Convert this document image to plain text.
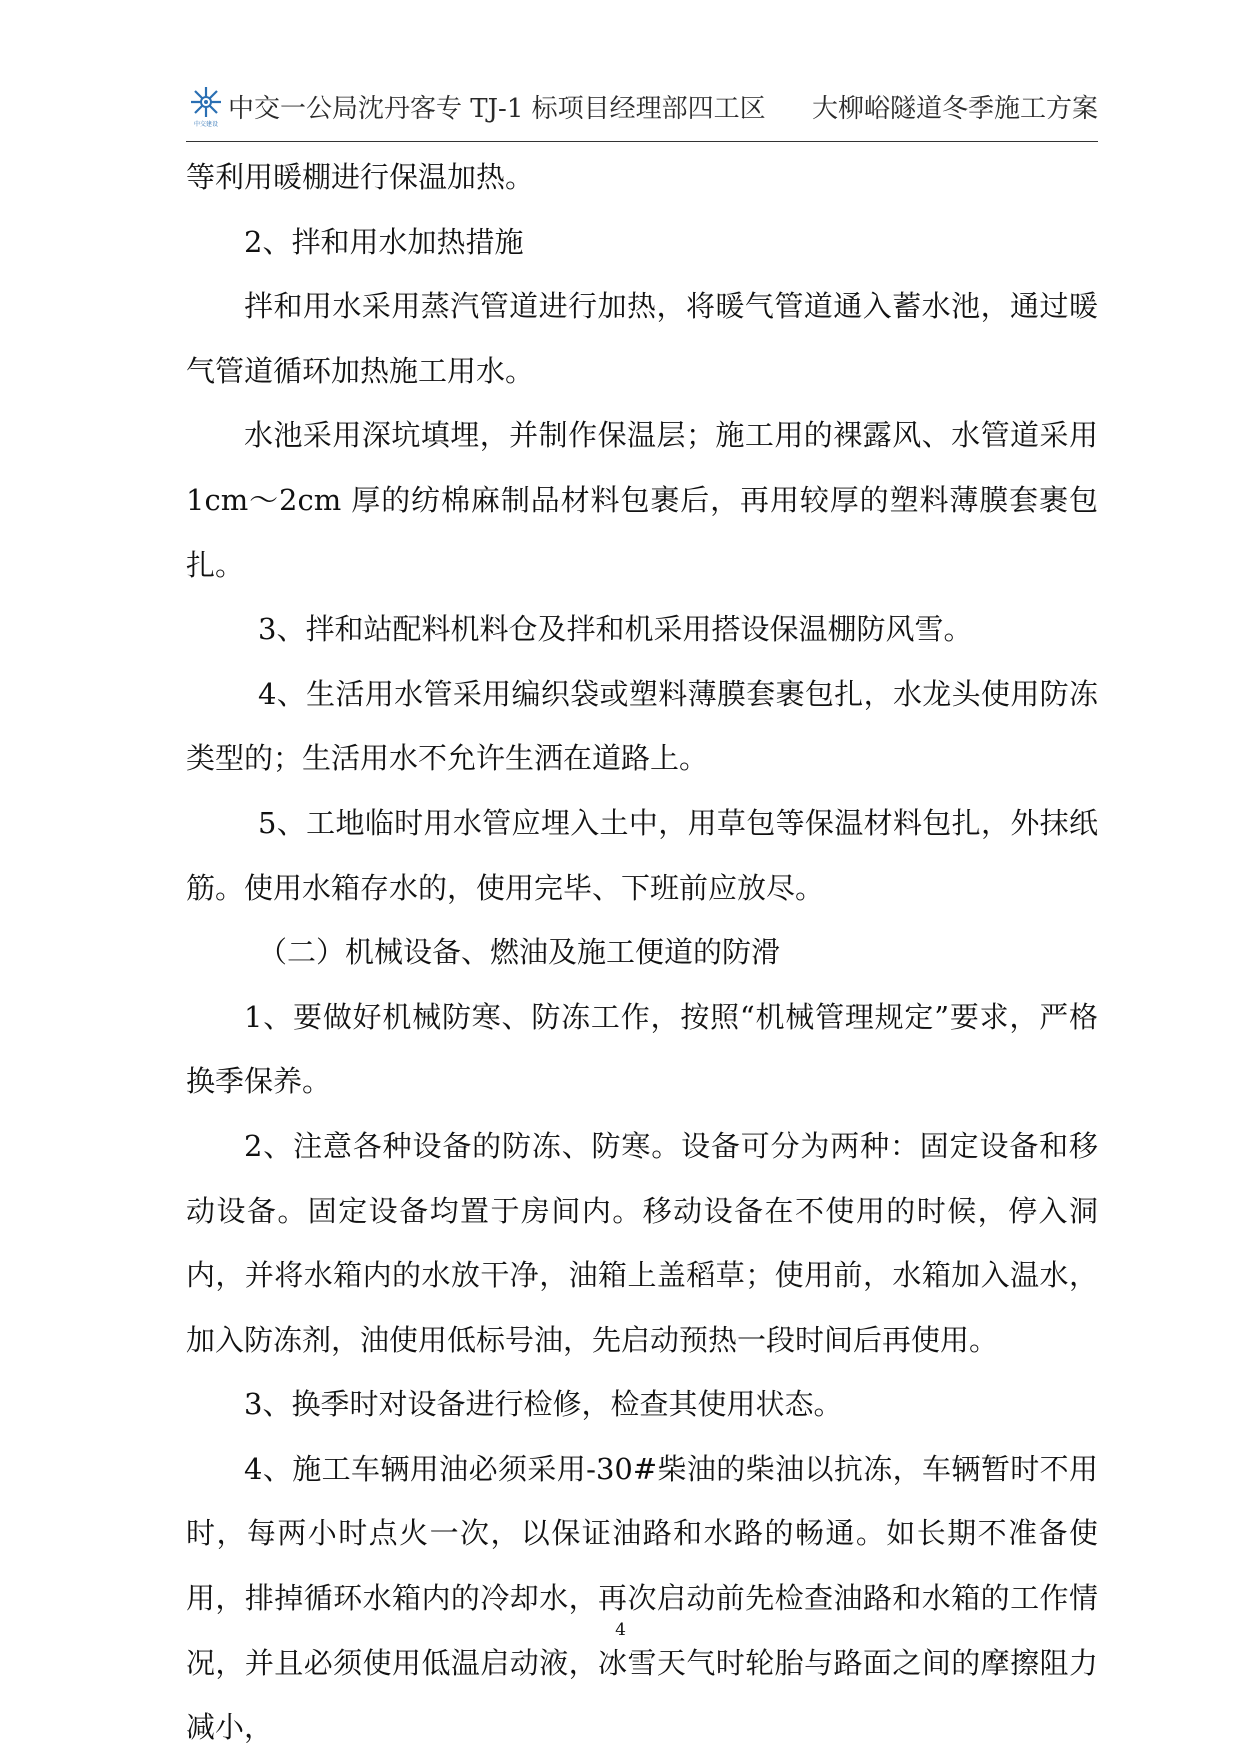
中交建设
中交一公局沈丹客专 TJ-1 标项目经理部四工区 大柳峪隧道冬季施工方案

等利用暖棚进行保温加热。

2、拌和用水加热措施

拌和用水采用蒸汽管道进行加热，将暖气管道通入蓄水池，通过暖气管道循环加热施工用水。

水池采用深坑填埋，并制作保温层；施工用的裸露风、水管道采用 1cm～2cm 厚的纺棉麻制品材料包裹后，再用较厚的塑料薄膜套裹包扎。

3、拌和站配料机料仓及拌和机采用搭设保温棚防风雪。

4、生活用水管采用编织袋或塑料薄膜套裹包扎，水龙头使用防冻类型的；生活用水不允许生洒在道路上。

5、工地临时用水管应埋入土中，用草包等保温材料包扎，外抹纸筋。使用水箱存水的，使用完毕、下班前应放尽。

（二）机械设备、燃油及施工便道的防滑

1、要做好机械防寒、防冻工作，按照“机械管理规定”要求，严格换季保养。

2、注意各种设备的防冻、防寒。设备可分为两种：固定设备和移动设备。固定设备均置于房间内。移动设备在不使用的时候，停入洞内，并将水箱内的水放干净，油箱上盖稻草；使用前，水箱加入温水，加入防冻剂，油使用低标号油，先启动预热一段时间后再使用。

3、换季时对设备进行检修，检查其使用状态。

4、施工车辆用油必须采用-30#柴油的柴油以抗冻，车辆暂时不用时，每两小时点火一次，以保证油路和水路的畅通。如长期不准备使用，排掉循环水箱内的冷却水，再次启动前先检查油路和水箱的工作情况，并且必须使用低温启动液，冰雪天气时轮胎与路面之间的摩擦阻力减小，

4
